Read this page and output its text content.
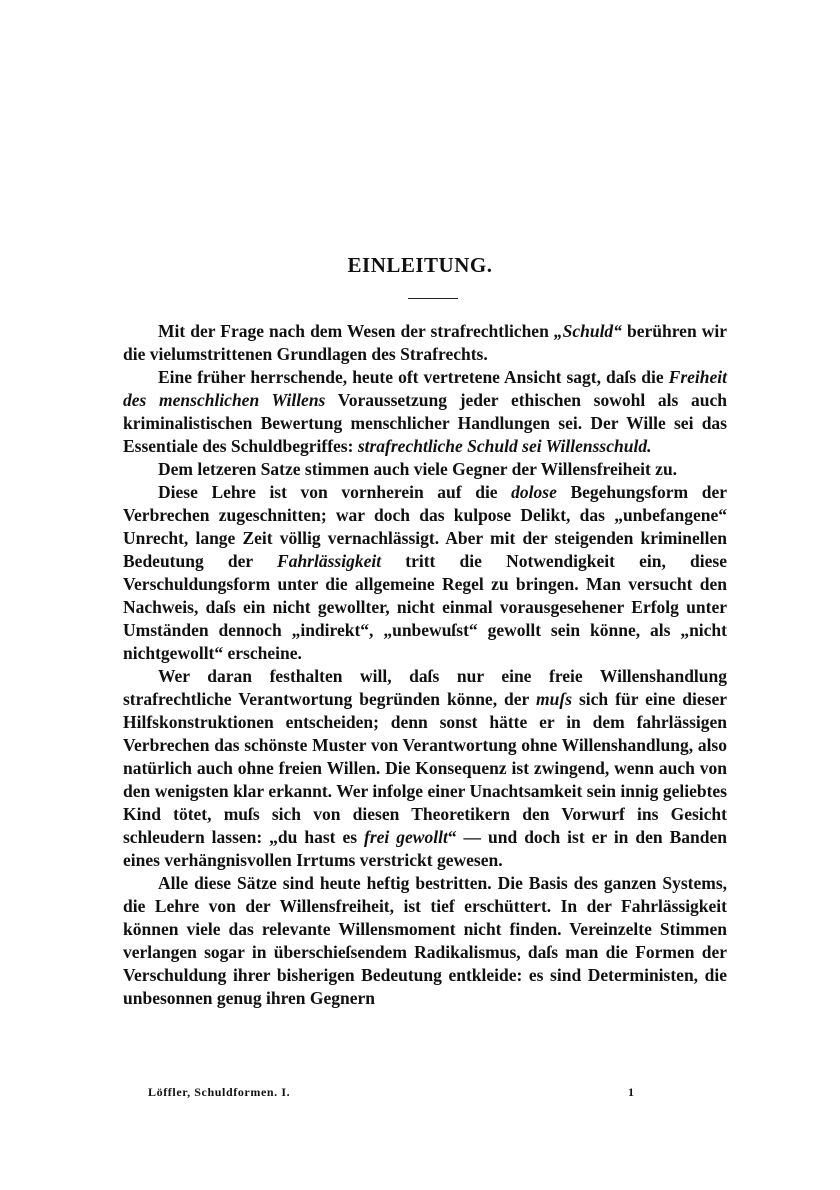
EINLEITUNG.

Mit der Frage nach dem Wesen der strafrechtlichen „Schuld“ berühren wir die vielumstrittenen Grundlagen des Strafrechts.

Eine früher herrschende, heute oft vertretene Ansicht sagt, daſs die Freiheit des menschlichen Willens Voraussetzung jeder ethischen sowohl als auch kriminalistischen Bewertung menschlicher Handlungen sei. Der Wille sei das Essentiale des Schuldbegriffes: strafrechtliche Schuld sei Willensschuld.

Dem letzeren Satze stimmen auch viele Gegner der Willensfreiheit zu.

Diese Lehre ist von vornherein auf die dolose Begehungsform der Verbrechen zugeschnitten; war doch das kulpose Delikt, das „unbefangene“ Unrecht, lange Zeit völlig vernachlässigt. Aber mit der steigenden kriminellen Bedeutung der Fahrlässigkeit tritt die Notwendigkeit ein, diese Verschuldungsform unter die allgemeine Regel zu bringen. Man versucht den Nachweis, daſs ein nicht gewollter, nicht einmal vorausgesehener Erfolg unter Umständen dennoch „indirekt“, „unbewuſst“ gewollt sein könne, als „nicht nichtgewollt“ erscheine.

Wer daran festhalten will, daſs nur eine freie Willenshandlung strafrechtliche Verantwortung begründen könne, der muſs sich für eine dieser Hilfskonstruktionen entscheiden; denn sonst hätte er in dem fahrlässigen Verbrechen das schönste Muster von Verantwortung ohne Willenshandlung, also natürlich auch ohne freien Willen. Die Konsequenz ist zwingend, wenn auch von den wenigsten klar erkannt. Wer infolge einer Unachtsamkeit sein innig geliebtes Kind tötet, muſs sich von diesen Theoretikern den Vorwurf ins Gesicht schleudern lassen: „du hast es frei gewollt“ — und doch ist er in den Banden eines verhängnisvollen Irrtums verstrickt gewesen.

Alle diese Sätze sind heute heftig bestritten. Die Basis des ganzen Systems, die Lehre von der Willensfreiheit, ist tief erschüttert. In der Fahrlässigkeit können viele das relevante Willensmoment nicht finden. Vereinzelte Stimmen verlangen sogar in überschieſsendem Radikalismus, daſs man die Formen der Verschuldung ihrer bisherigen Bedeutung entkleide: es sind Deterministen, die unbesonnen genug ihren Gegnern

Löffler, Schuldformen. I.	1
